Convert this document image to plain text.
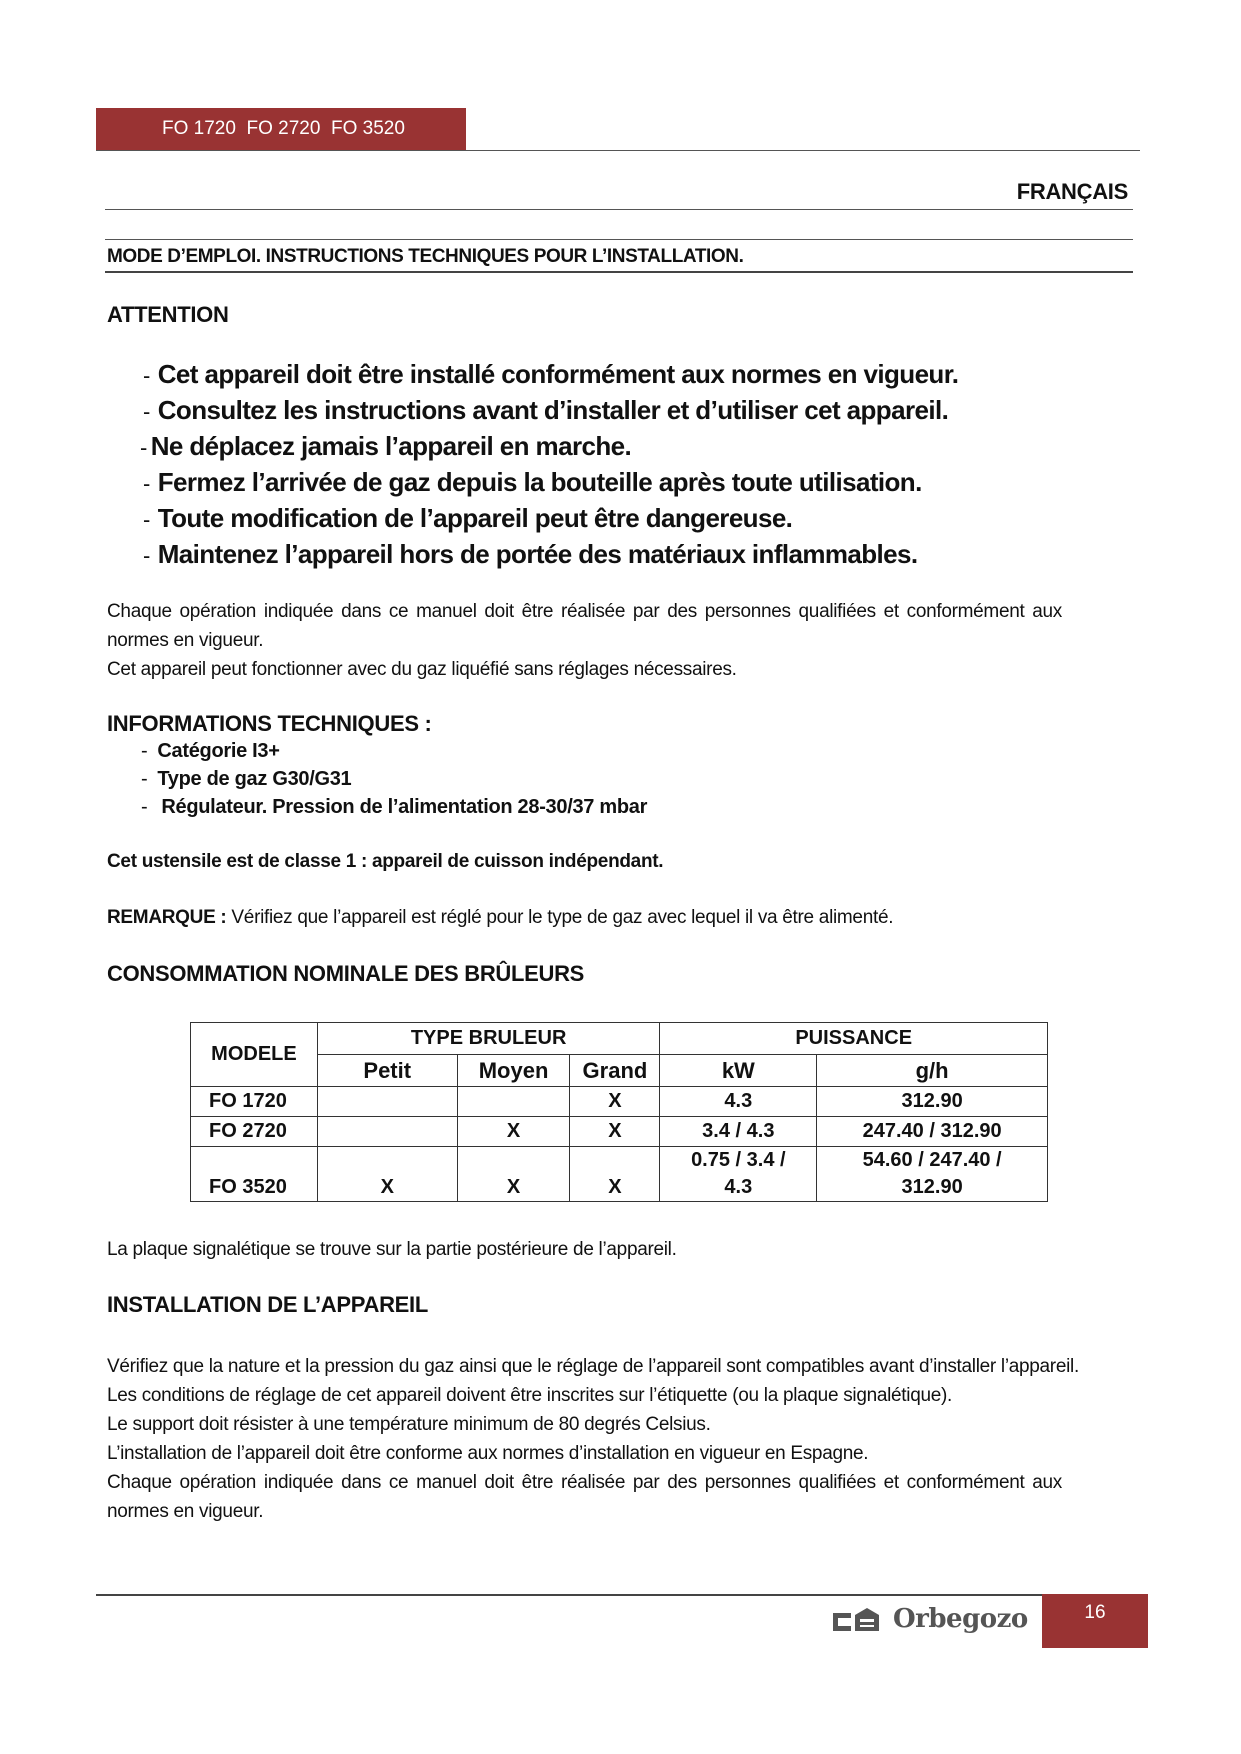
FO 1720  FO 2720  FO 3520
FRANÇAIS
MODE D’EMPLOI. INSTRUCTIONS TECHNIQUES POUR L’INSTALLATION.
ATTENTION
- Cet appareil doit être installé conformément aux normes en vigueur.
- Consultez les instructions avant d’installer et d’utiliser cet appareil.
- Ne déplacez jamais l’appareil en marche.
- Fermez l’arrivée de gaz depuis la bouteille après toute utilisation.
- Toute modification de l’appareil peut être dangereuse.
- Maintenez l’appareil hors de portée des matériaux inflammables.

Chaque opération indiquée dans ce manuel doit être réalisée par des personnes qualifiées et conformément aux normes en vigueur.

Cet appareil peut fonctionner avec du gaz liquéfié sans réglages nécessaires.

INFORMATIONS TECHNIQUES :
- Catégorie I3+
- Type de gaz G30/G31
- Régulateur. Pression de l’alimentation 28-30/37 mbar
Cet ustensile est de classe 1 : appareil de cuisson indépendant.
REMARQUE : Vérifiez que l’appareil est réglé pour le type de gaz avec lequel il va être alimenté.
CONSOMMATION NOMINALE DES BRÛLEURS
MODELE	TYPE BRULEUR			PUISSANCE	
	Petit	Moyen	Grand	kW	g/h
FO 1720			X	4.3	312.90
FO 2720		X	X	3.4 / 4.3	247.40 / 312.90
FO 3520	X	X	X	0.75 / 3.4 / 4.3	54.60 / 247.40 / 312.90
La plaque signalétique se trouve sur la partie postérieure de l’appareil.
INSTALLATION DE L’APPAREIL

Vérifiez que la nature et la pression du gaz ainsi que le réglage de l’appareil sont compatibles avant d’installer l’appareil.

Les conditions de réglage de cet appareil doivent être inscrites sur l’étiquette (ou la plaque signalétique).

Le support doit résister à une température minimum de 80 degrés Celsius.

L’installation de l’appareil doit être conforme aux normes d’installation en vigueur en Espagne.

Chaque opération indiquée dans ce manuel doit être réalisée par des personnes qualifiées et conformément aux normes en vigueur.

Orbegozo	16
